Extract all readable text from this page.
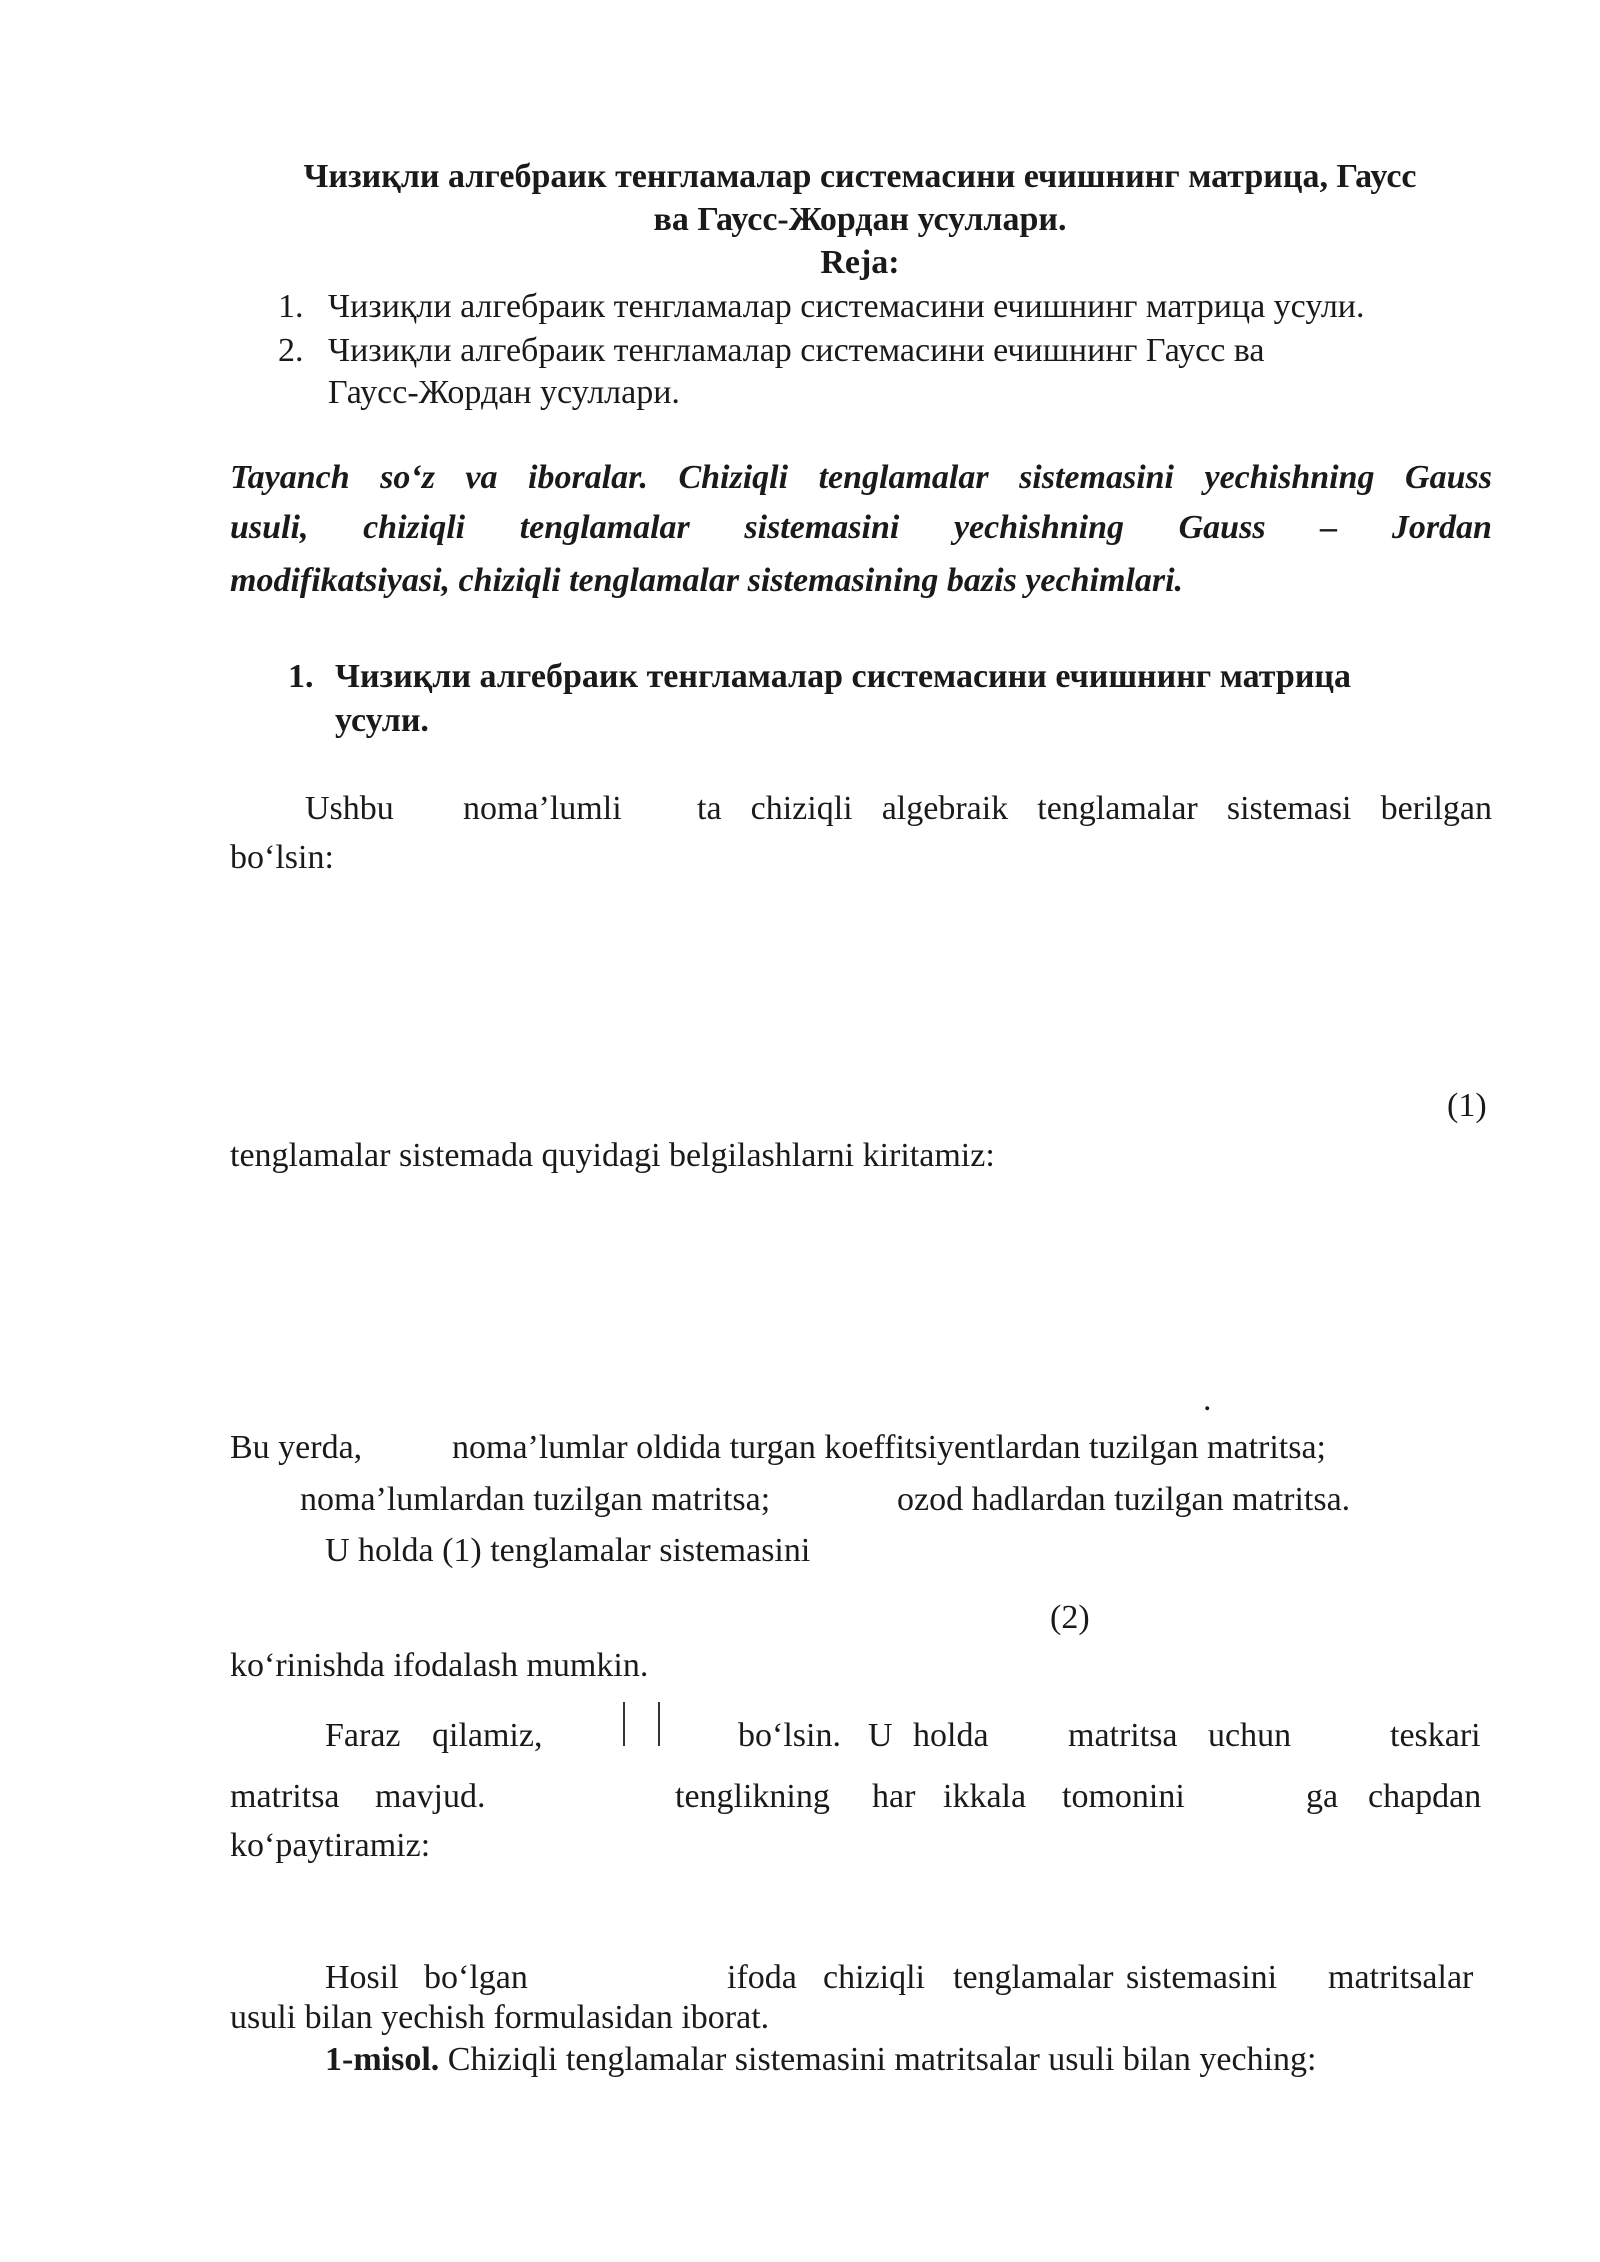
Чизиқли алгебраик тенгламалар системасини ечишнинг матрица, Гаусс
ва Гаусс-Жордан усуллари.
Reja:
1. Чизиқли алгебраик тенгламалар системасини ечишнинг матрица усули.
2. Чизиқли алгебраик тенгламалар системасини ечишнинг Гаусс ва
Гаусс-Жордан усуллари.
Tayanch so‘z va iboralar. Chiziqli tenglamalar sistemasini yechishning Gauss
usuli, chiziqli tenglamalar sistemasini yechishning Gauss – Jordan
modifikatsiyasi, chiziqli tenglamalar sistemasining bazis yechimlari.
1. Чизиқли алгебраик тенгламалар системасини ечишнинг матрица
усули.
Ushbu noma’lumli ta chiziqli algebraik tenglamalar sistemasi berilgan
bo‘lsin:
(1)
tenglamalar sistemada quyidagi belgilashlarni kiritamiz:
.
Bu yerda,	noma’lumlar oldida turgan koeffitsiyentlardan tuzilgan matritsa;
noma’lumlardan tuzilgan matritsa;	ozod hadlardan tuzilgan matritsa.
U holda (1) tenglamalar sistemasini
(2)
ko‘rinishda ifodalash mumkin.
Faraz qilamiz,	bo‘lsin. U holda matritsa uchun	teskari
matritsa mavjud.	tenglikning har ikkala tomonini	ga chapdan
ko‘paytiramiz:
Hosil bo‘lgan	ifoda chiziqli tenglamalar sistemasini matritsalar
usuli bilan yechish formulasidan iborat.
1-misol. Chiziqli tenglamalar sistemasini matritsalar usuli bilan yeching:
